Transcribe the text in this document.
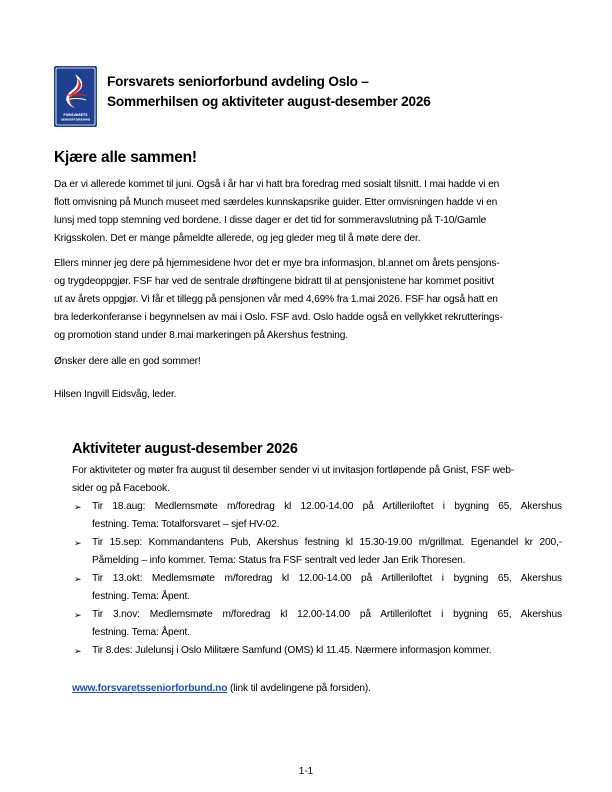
FORSVARETS
SENIORFORBUND
Forsvarets seniorforbund avdeling Oslo –
Sommerhilsen og aktiviteter august-desember 2026
Kjære alle sammen!
Da er vi allerede kommet til juni. Også i år har vi hatt bra foredrag med sosialt tilsnitt. I mai hadde vi en
flott omvisning på Munch museet med særdeles kunnskapsrike guider. Etter omvisningen hadde vi en
lunsj med topp stemning ved bordene. I disse dager er det tid for sommeravslutning på T-10/Gamle
Krigsskolen. Det er mange påmeldte allerede, og jeg gleder meg til å møte dere der.
Ellers minner jeg dere på hjemmesidene hvor det er mye bra informasjon, bl.annet om årets pensjons-
og trygdeoppgjør. FSF har ved de sentrale drøftingene bidratt til at pensjonistene har kommet positivt
ut av årets oppgjør. Vi får et tillegg på pensjonen vår med 4,69% fra 1.mai 2026. FSF har også hatt en
bra lederkonferanse i begynnelsen av mai i Oslo. FSF avd. Oslo hadde også en vellykket rekrutterings-
og promotion stand under 8.mai markeringen på Akershus festning.
Ønsker dere alle en god sommer!
Hilsen Ingvill Eidsvåg, leder.
Aktiviteter august-desember 2026
For aktiviteter og møter fra august til desember sender vi ut invitasjon fortløpende på Gnist, FSF web-
sider og på Facebook.
➢ Tir 18.aug: Medlemsmøte m/foredrag kl 12.00-14.00 på Artilleriloftet i bygning 65, Akershus
festning. Tema: Totalforsvaret – sjef HV-02.
➢ Tir 15.sep: Kommandantens Pub, Akershus festning kl 15.30-19.00 m/grillmat. Egenandel kr 200,-
Påmelding – info kommer. Tema: Status fra FSF sentralt ved leder Jan Erik Thoresen.
➢ Tir 13.okt: Medlemsmøte m/foredrag kl 12.00-14.00 på Artilleriloftet i bygning 65, Akershus
festning. Tema: Åpent.
➢ Tir 3.nov: Medlemsmøte m/foredrag kl 12.00-14.00 på Artilleriloftet i bygning 65, Akershus
festning. Tema: Åpent.
➢ Tir 8.des: Julelunsj i Oslo Militære Samfund (OMS) kl 11.45. Nærmere informasjon kommer.
www.forsvaretsseniorforbund.no (link til avdelingene på forsiden).
1-1
